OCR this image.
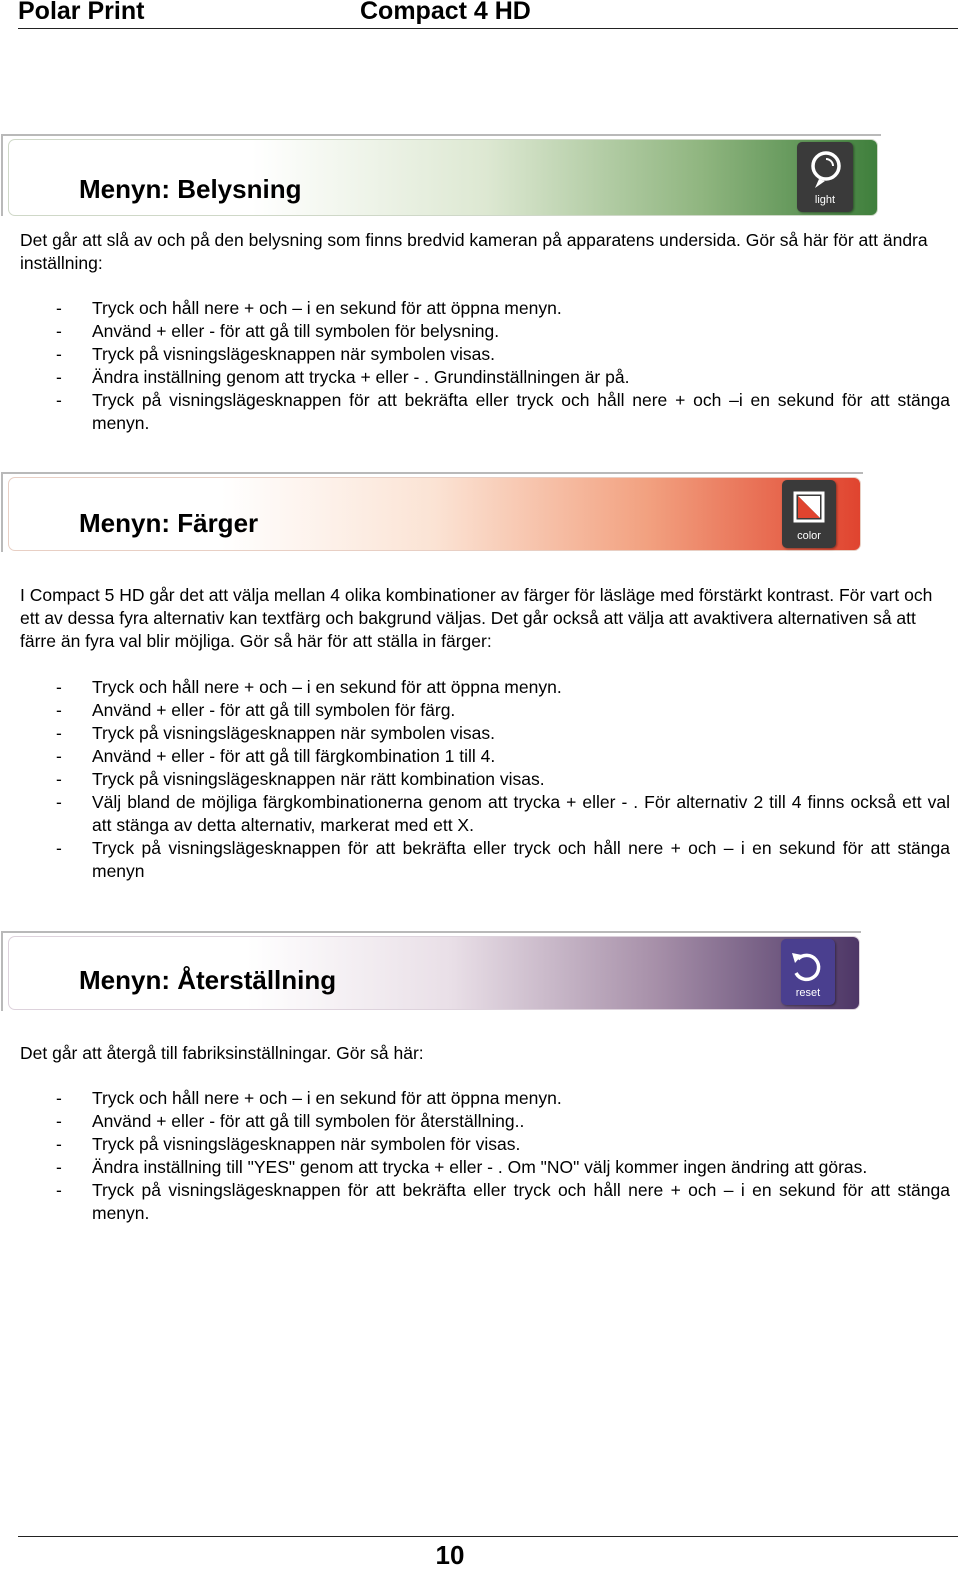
Polar Print	Compact 4 HD
Menyn: Belysning	light

Det går att slå av och på den belysning som finns bredvid kameran på apparatens undersida. Gör så här för att ändra inställning:

- Tryck och håll nere + och – i en sekund för att öppna menyn.
- Använd + eller - för att gå till symbolen för belysning.
- Tryck på visningslägesknappen när symbolen visas.
- Ändra inställning genom att trycka + eller - . Grundinställningen är på.
- Tryck på visningslägesknappen för att bekräfta eller tryck och håll nere + och –i en sekund för att stänga menyn.
Menyn: Färger	color

I Compact 5 HD går det att välja mellan 4 olika kombinationer av färger för läsläge med förstärkt kontrast. För vart och ett av dessa fyra alternativ kan textfärg och bakgrund väljas. Det går också att välja att avaktivera alternativen så att färre än fyra val blir möjliga. Gör så här för att ställa in färger:

- Tryck och håll nere + och – i en sekund för att öppna menyn.
- Använd + eller - för att gå till symbolen för färg.
- Tryck på visningslägesknappen när symbolen visas.
- Använd + eller - för att gå till färgkombination 1 till 4.
- Tryck på visningslägesknappen när rätt kombination visas.
- Välj bland de möjliga färgkombinationerna genom att trycka + eller - . För alternativ 2 till 4 finns också ett val att stänga av detta alternativ, markerat med ett X.
- Tryck på visningslägesknappen för att bekräfta eller tryck och håll nere + och – i en sekund för att stänga menyn
Menyn: Återställning	reset

Det går att återgå till fabriksinställningar. Gör så här:

- Tryck och håll nere + och – i en sekund för att öppna menyn.
- Använd + eller - för att gå till symbolen för återställning..
- Tryck på visningslägesknappen när symbolen för visas.
- Ändra inställning till "YES" genom att trycka + eller - . Om "NO" välj kommer ingen ändring att göras.
- Tryck på visningslägesknappen för att bekräfta eller tryck och håll nere + och – i en sekund för att stänga menyn.
10
